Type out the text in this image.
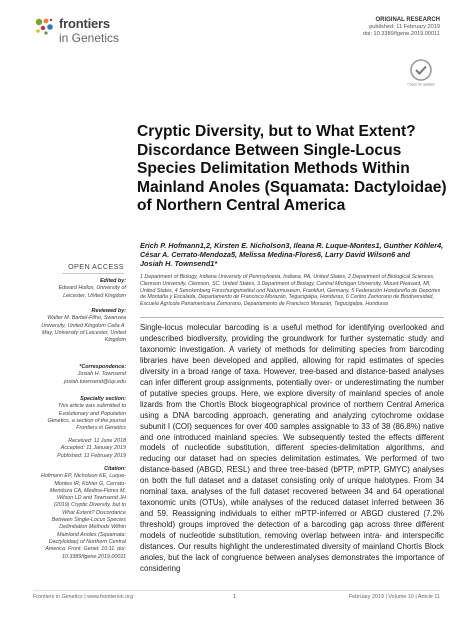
frontiers
in Genetics
ORIGINAL RESEARCH
published: 11 February 2019
doi: 10.3389/fgene.2019.00011
Check for updates
Cryptic Diversity, but to What Extent? Discordance Between Single-Locus Species Delimitation Methods Within Mainland Anoles (Squamata: Dactyloidae) of Northern Central America
Erich P. Hofmann1,2, Kirsten E. Nicholson3, Ileana R. Luque-Montes1, Gunther Köhler4,
César A. Cerrato-Mendoza5, Melissa Medina-Flores6, Larry David Wilson6 and
Josiah H. Townsend1*
1 Department of Biology, Indiana University of Pennsylvania, Indiana, PA, United States, 2 Department of Biological Sciences, Clemson University, Clemson, SC, United States, 3 Department of Biology, Central Michigan University, Mount Pleasant, MI, United States, 4 Senckenberg Forschungsinstitut und Naturmuseum, Frankfurt, Germany, 5 Federación Hondureña de Deportes de Montaña y Escalada, Departamento de Francisco Morazán, Tegucigalpa, Honduras, 6 Centro Zamorano de Biodiversidad, Escuela Agrícola Panamericana Zamorano, Departamento de Francisco Morazán, Tegucigalpa, Honduras
Single-locus molecular barcoding is a useful method for identifying overlooked and undescribed biodiversity, providing the groundwork for further systematic study and taxonomic investigation. A variety of methods for delimiting species from barcoding libraries have been developed and applied, allowing for rapid estimates of species diversity in a broad range of taxa. However, tree-based and distance-based analyses can infer different group assignments, potentially over- or underestimating the number of putative species groups. Here, we explore diversity of mainland species of anole lizards from the Chortís Block biogeographical province of northern Central America using a DNA barcoding approach, generating and analyzing cytochrome oxidase subunit I (COI) sequences for over 400 samples assignable to 33 of 38 (86.8%) native and one introduced mainland species. We subsequently tested the effects different models of nucleotide substitution, different species-delimitation algorithms, and reducing our dataset had on species delimitation estimates. We performed of two distance-based (ABGD, RESL) and three tree-based (bPTP, mPTP, GMYC) analyses on both the full dataset and a dataset consisting only of unique halotypes. From 34 nominal taxa, analyses of the full dataset recovered between 34 and 64 operational taxonomic units (OTUs), while analyses of the reduced dataset inferred between 36 and 59. Reassigning individuals to either mPTP-inferred or ABGD clustered (7.2% threshold) groups improved the detection of a barcoding gap across three different models of nucleotide substitution, removing overlap between intra- and interspecific distances. Our results highlight the underestimated diversity of mainland Chortís Block anoles, but the lack of congruence between analyses demonstrates the importance of considering
OPEN ACCESS
Edited by:
Edward Hollox, University of Leicester, United Kingdom
Reviewed by:
Walter M. Barbel-Filho, Swansea University, United Kingdom Celia A. May, University of Leicester, United Kingdom
*Correspondence:
Josiah H. Townsend josiah.townsend@iup.edu
Specialty section:
This article was submitted to Evolutionary and Population Genetics, a section of the journal Frontiers in Genetics
Received: 11 June 2018
Accepted: 11 January 2019
Published: 11 February 2019
Citation:
Hofmann EP, Nicholson KE, Luque-Montes IR, Köhler G, Cerrato-Mendoza CA, Medina-Flores M, Wilson LD and Townsend JH (2019) Cryptic Diversity, but to What Extent? Discordance Between Single-Locus Species Delimitation Methods Within Mainland Anoles (Squamata: Dactyloidae) of Northern Central America. Front. Genet. 10:11. doi: 10.3389/fgene.2019.00011
Frontiers in Genetics | www.frontiersin.org	1	February 2019 | Volume 10 | Article 11
